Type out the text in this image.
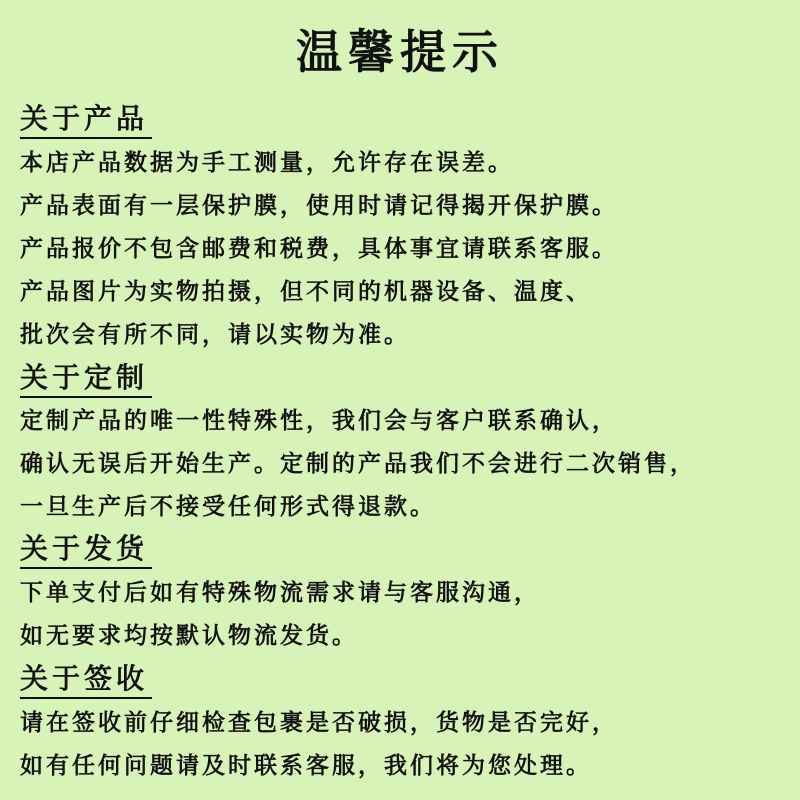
温馨提示
关于产品
本店产品数据为手工测量，允许存在误差。
产品表面有一层保护膜，使用时请记得揭开保护膜。
产品报价不包含邮费和税费，具体事宜请联系客服。
产品图片为实物拍摄，但不同的机器设备、温度、
批次会有所不同，请以实物为准。
关于定制
定制产品的唯一性特殊性，我们会与客户联系确认，
确认无误后开始生产。定制的产品我们不会进行二次销售，
一旦生产后不接受任何形式得退款。
关于发货
下单支付后如有特殊物流需求请与客服沟通，
如无要求均按默认物流发货。
关于签收
请在签收前仔细检查包裹是否破损，货物是否完好，
如有任何问题请及时联系客服，我们将为您处理。
